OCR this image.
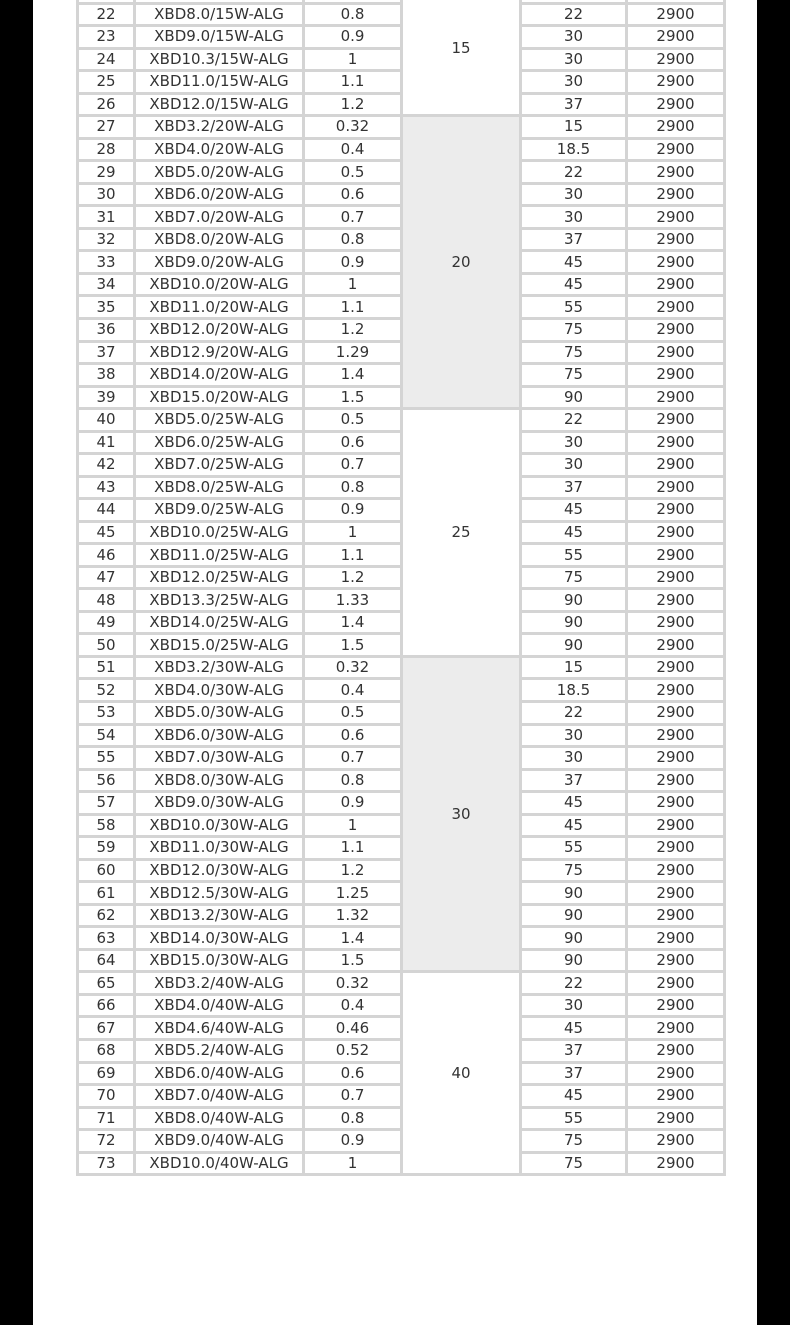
			15		
22	XBD8.0/15W-ALG	0.8		22	2900
23	XBD9.0/15W-ALG	0.9		30	2900
24	XBD10.3/15W-ALG	1		30	2900
25	XBD11.0/15W-ALG	1.1		30	2900
26	XBD12.0/15W-ALG	1.2		37	2900
27	XBD3.2/20W-ALG	0.32	20	15	2900
28	XBD4.0/20W-ALG	0.4		18.5	2900
29	XBD5.0/20W-ALG	0.5		22	2900
30	XBD6.0/20W-ALG	0.6		30	2900
31	XBD7.0/20W-ALG	0.7		30	2900
32	XBD8.0/20W-ALG	0.8		37	2900
33	XBD9.0/20W-ALG	0.9		45	2900
34	XBD10.0/20W-ALG	1		45	2900
35	XBD11.0/20W-ALG	1.1		55	2900
36	XBD12.0/20W-ALG	1.2		75	2900
37	XBD12.9/20W-ALG	1.29		75	2900
38	XBD14.0/20W-ALG	1.4		75	2900
39	XBD15.0/20W-ALG	1.5		90	2900
40	XBD5.0/25W-ALG	0.5	25	22	2900
41	XBD6.0/25W-ALG	0.6		30	2900
42	XBD7.0/25W-ALG	0.7		30	2900
43	XBD8.0/25W-ALG	0.8		37	2900
44	XBD9.0/25W-ALG	0.9		45	2900
45	XBD10.0/25W-ALG	1		45	2900
46	XBD11.0/25W-ALG	1.1		55	2900
47	XBD12.0/25W-ALG	1.2		75	2900
48	XBD13.3/25W-ALG	1.33		90	2900
49	XBD14.0/25W-ALG	1.4		90	2900
50	XBD15.0/25W-ALG	1.5		90	2900
51	XBD3.2/30W-ALG	0.32	30	15	2900
52	XBD4.0/30W-ALG	0.4		18.5	2900
53	XBD5.0/30W-ALG	0.5		22	2900
54	XBD6.0/30W-ALG	0.6		30	2900
55	XBD7.0/30W-ALG	0.7		30	2900
56	XBD8.0/30W-ALG	0.8		37	2900
57	XBD9.0/30W-ALG	0.9		45	2900
58	XBD10.0/30W-ALG	1		45	2900
59	XBD11.0/30W-ALG	1.1		55	2900
60	XBD12.0/30W-ALG	1.2		75	2900
61	XBD12.5/30W-ALG	1.25		90	2900
62	XBD13.2/30W-ALG	1.32		90	2900
63	XBD14.0/30W-ALG	1.4		90	2900
64	XBD15.0/30W-ALG	1.5		90	2900
65	XBD3.2/40W-ALG	0.32	40	22	2900
66	XBD4.0/40W-ALG	0.4		30	2900
67	XBD4.6/40W-ALG	0.46		45	2900
68	XBD5.2/40W-ALG	0.52		37	2900
69	XBD6.0/40W-ALG	0.6		37	2900
70	XBD7.0/40W-ALG	0.7		45	2900
71	XBD8.0/40W-ALG	0.8		55	2900
72	XBD9.0/40W-ALG	0.9		75	2900
73	XBD10.0/40W-ALG	1		75	2900
